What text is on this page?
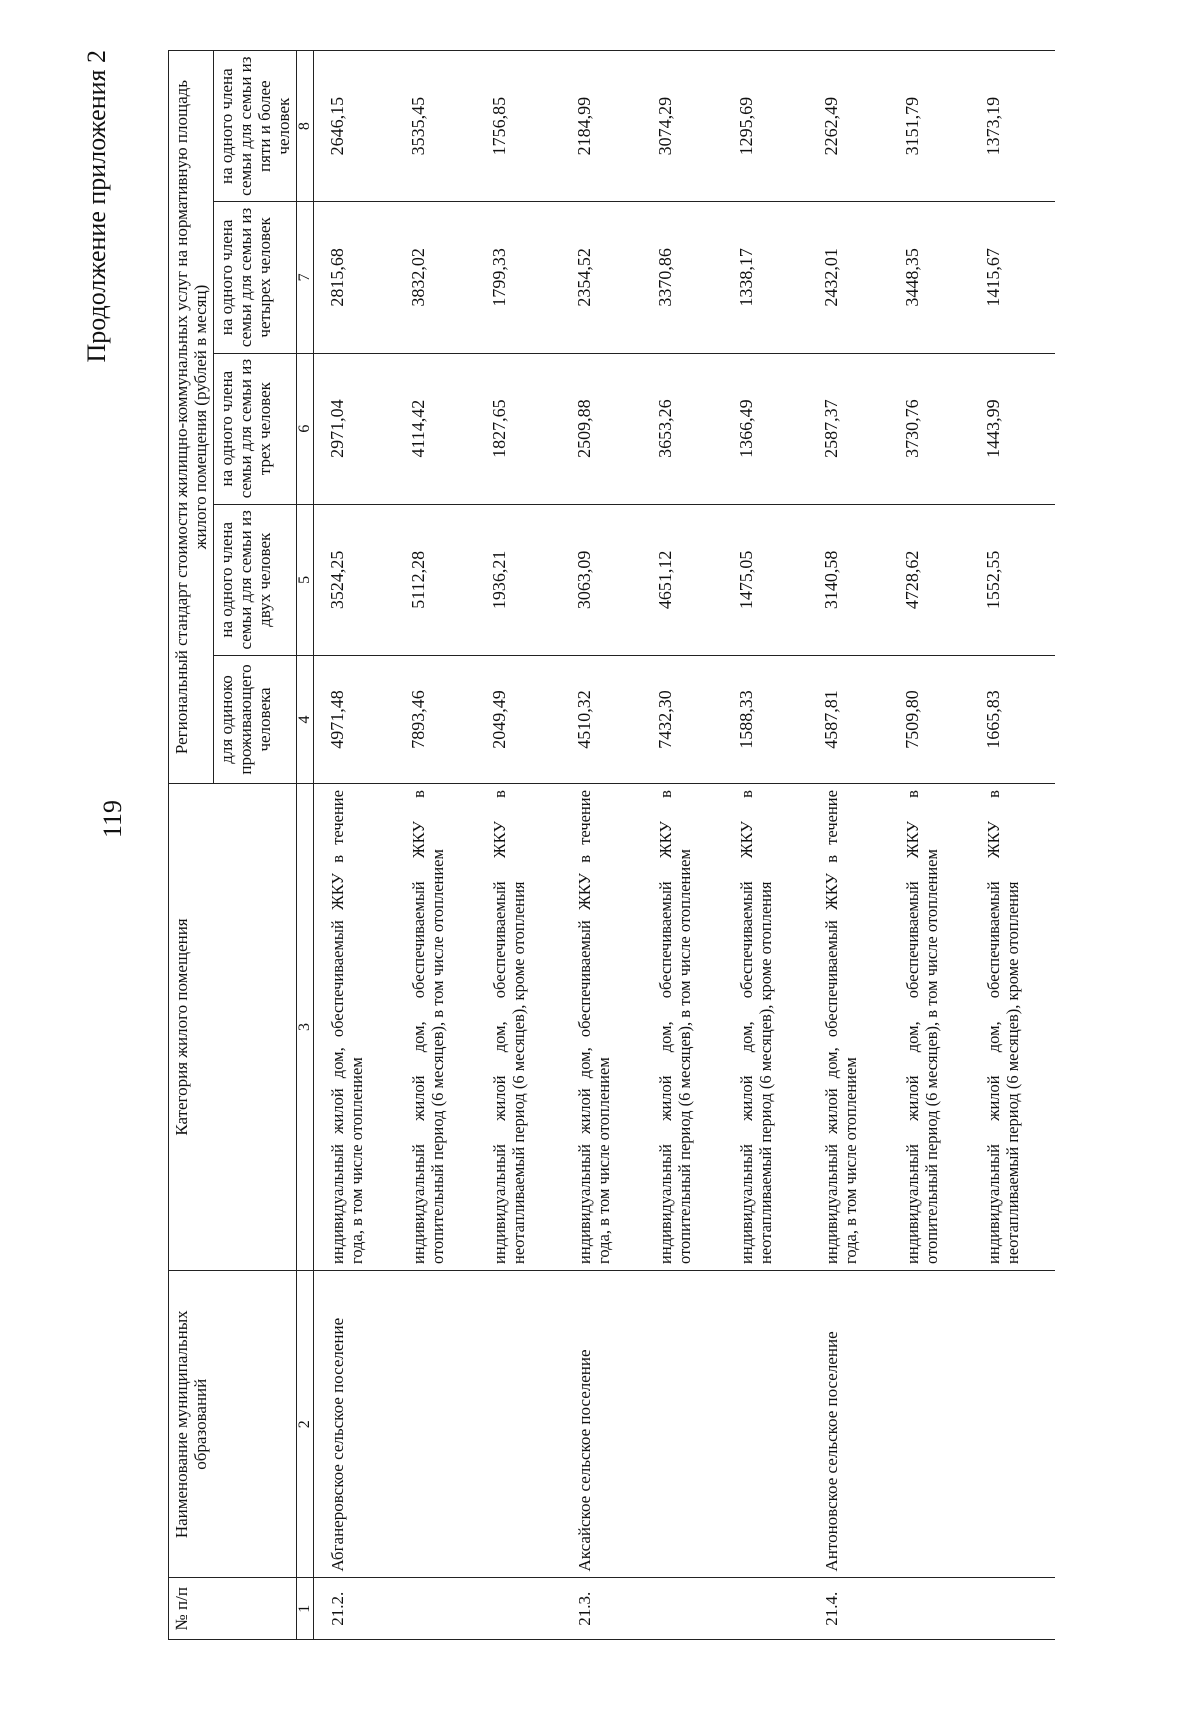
119
Продолжение приложения 2
№ п/п	Наименование муниципальных образований	Категория жилого помещения	Региональный стандарт стоимости жилищно-коммунальных услуг на нормативную площадь жилого помещения (рублей в месяц)				
			для одиноко проживающего человека	на одного члена семьи для семьи из двух человек	на одного члена семьи для семьи из трех человек	на одного члена семьи для семьи из четырех человек	на одного члена семьи для семьи из пяти и более человек
1	2	3	4	5	6	7	8
21.2.	Абганеровское сельское поселение	индивидуальный жилой дом, обеспечиваемый ЖКУ в течение года, в том числе отоплением	4971,48	3524,25	2971,04	2815,68	2646,15
		индивидуальный жилой дом, обеспечиваемый ЖКУ в отопительный период (6 месяцев), в том числе отоплением	7893,46	5112,28	4114,42	3832,02	3535,45
		индивидуальный жилой дом, обеспечиваемый ЖКУ в неотапливаемый период (6 месяцев), кроме отопления	2049,49	1936,21	1827,65	1799,33	1756,85
21.3.	Аксайское сельское поселение	индивидуальный жилой дом, обеспечиваемый ЖКУ в течение года, в том числе отоплением	4510,32	3063,09	2509,88	2354,52	2184,99
		индивидуальный жилой дом, обеспечиваемый ЖКУ в отопительный период (6 месяцев), в том числе отоплением	7432,30	4651,12	3653,26	3370,86	3074,29
		индивидуальный жилой дом, обеспечиваемый ЖКУ в неотапливаемый период (6 месяцев), кроме отопления	1588,33	1475,05	1366,49	1338,17	1295,69
21.4.	Антоновское сельское поселение	индивидуальный жилой дом, обеспечиваемый ЖКУ в течение года, в том числе отоплением	4587,81	3140,58	2587,37	2432,01	2262,49
		индивидуальный жилой дом, обеспечиваемый ЖКУ в отопительный период (6 месяцев), в том числе отоплением	7509,80	4728,62	3730,76	3448,35	3151,79
		индивидуальный жилой дом, обеспечиваемый ЖКУ в неотапливаемый период (6 месяцев), кроме отопления	1665,83	1552,55	1443,99	1415,67	1373,19
